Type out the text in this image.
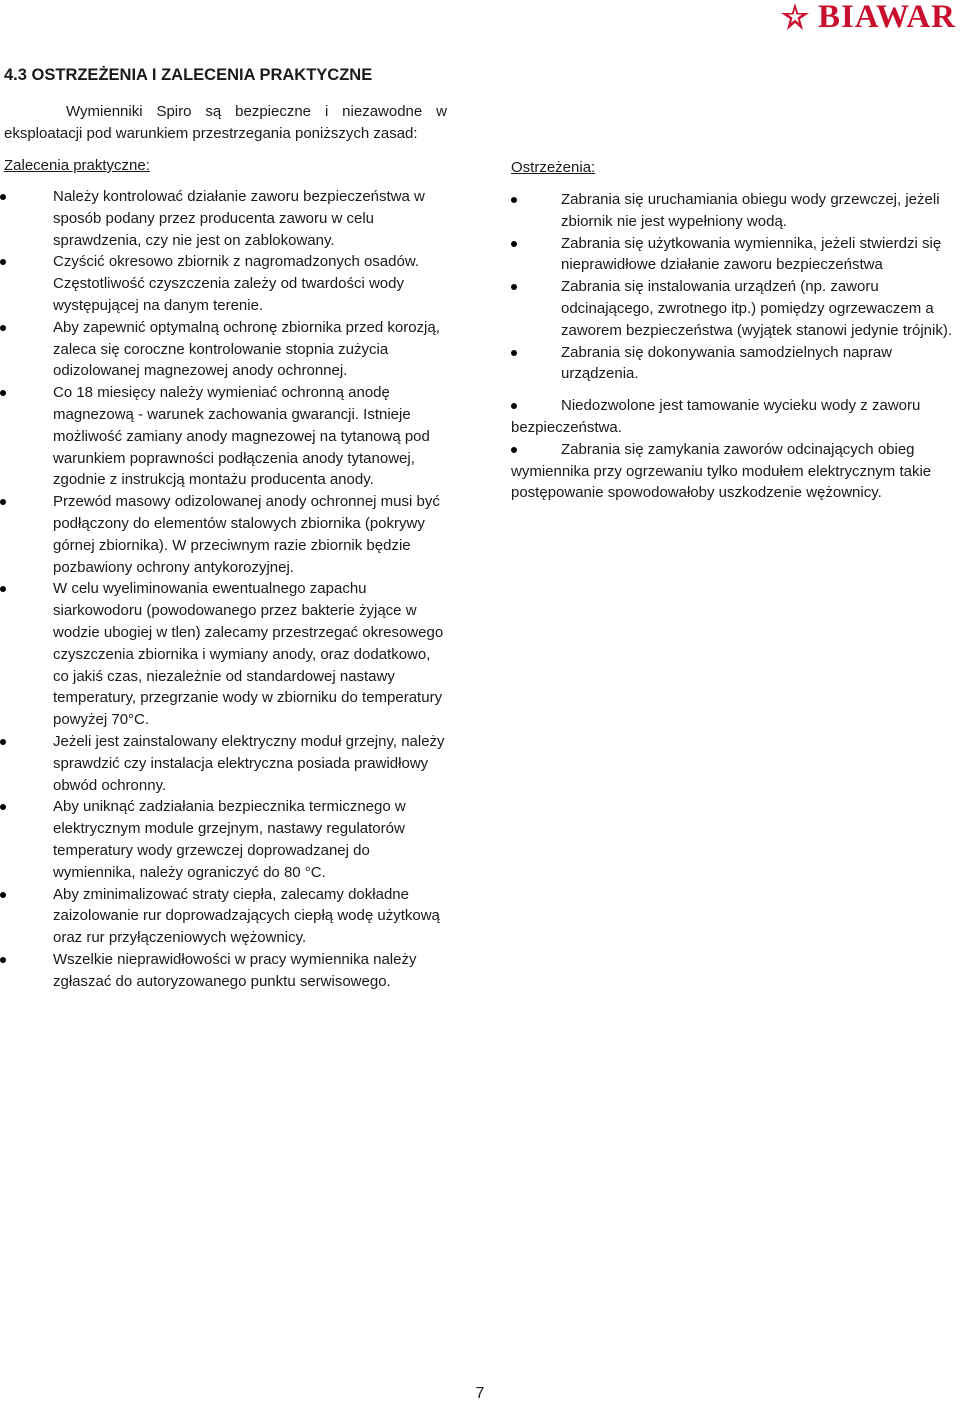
BIAWAR
4.3 OSTRZEŻENIA I ZALECENIA PRAKTYCZNE

Wymienniki Spiro są bezpieczne i niezawodne w eksploatacji pod warunkiem przestrzegania poniższych zasad:

Zalecenia praktyczne:
Należy kontrolować działanie zaworu bezpieczeństwa w sposób podany przez producenta zaworu w celu sprawdzenia, czy nie jest on zablokowany.
Czyścić okresowo zbiornik z nagromadzonych osadów. Częstotliwość czyszczenia zależy od twardości wody występującej na danym terenie.
Aby zapewnić optymalną ochronę zbiornika przed korozją, zaleca się coroczne kontrolowanie stopnia zużycia odizolowanej magnezowej anody ochronnej.
Co 18 miesięcy należy wymieniać ochronną anodę magnezową - warunek zachowania gwarancji. Istnieje możliwość zamiany anody magnezowej na tytanową pod warunkiem poprawności podłączenia anody tytanowej, zgodnie z instrukcją montażu producenta anody.
Przewód masowy odizolowanej anody ochronnej musi być podłączony do elementów stalowych zbiornika (pokrywy górnej zbiornika). W przeciwnym razie zbiornik będzie pozbawiony ochrony antykorozyjnej.
W celu wyeliminowania ewentualnego zapachu siarkowodoru (powodowanego przez bakterie żyjące w wodzie ubogiej w tlen) zalecamy przestrzegać okresowego czyszczenia zbiornika i wymiany anody, oraz dodatkowo, co jakiś czas, niezależnie od standardowej nastawy temperatury, przegrzanie wody w zbiorniku do temperatury powyżej 70°C.
Jeżeli jest zainstalowany elektryczny moduł grzejny, należy sprawdzić czy instalacja elektryczna posiada prawidłowy obwód ochronny.
Aby uniknąć zadziałania bezpiecznika termicznego w elektrycznym module grzejnym, nastawy regulatorów temperatury wody grzewczej doprowadzanej do wymiennika, należy ograniczyć do 80 °C.
Aby zminimalizować straty ciepła, zalecamy dokładne zaizolowanie rur doprowadzających ciepłą wodę użytkową oraz rur przyłączeniowych wężownicy.
Wszelkie nieprawidłowości w pracy wymiennika należy zgłaszać do autoryzowanego punktu serwisowego.
Ostrzeżenia:
Zabrania się uruchamiania obiegu wody grzewczej, jeżeli zbiornik nie jest wypełniony wodą.
Zabrania się użytkowania wymiennika, jeżeli stwierdzi się nieprawidłowe działanie zaworu bezpieczeństwa
Zabrania się instalowania urządzeń (np. zaworu odcinającego, zwrotnego itp.) pomiędzy ogrzewaczem a zaworem bezpieczeństwa (wyjątek stanowi jedynie trójnik).
Zabrania się dokonywania samodzielnych napraw urządzenia.
Niedozwolone jest tamowanie wycieku wody z zaworu bezpieczeństwa.
Zabrania się zamykania zaworów odcinających obieg wymiennika przy ogrzewaniu tylko modułem elektrycznym takie postępowanie spowodowałoby uszkodzenie wężownicy.
7
